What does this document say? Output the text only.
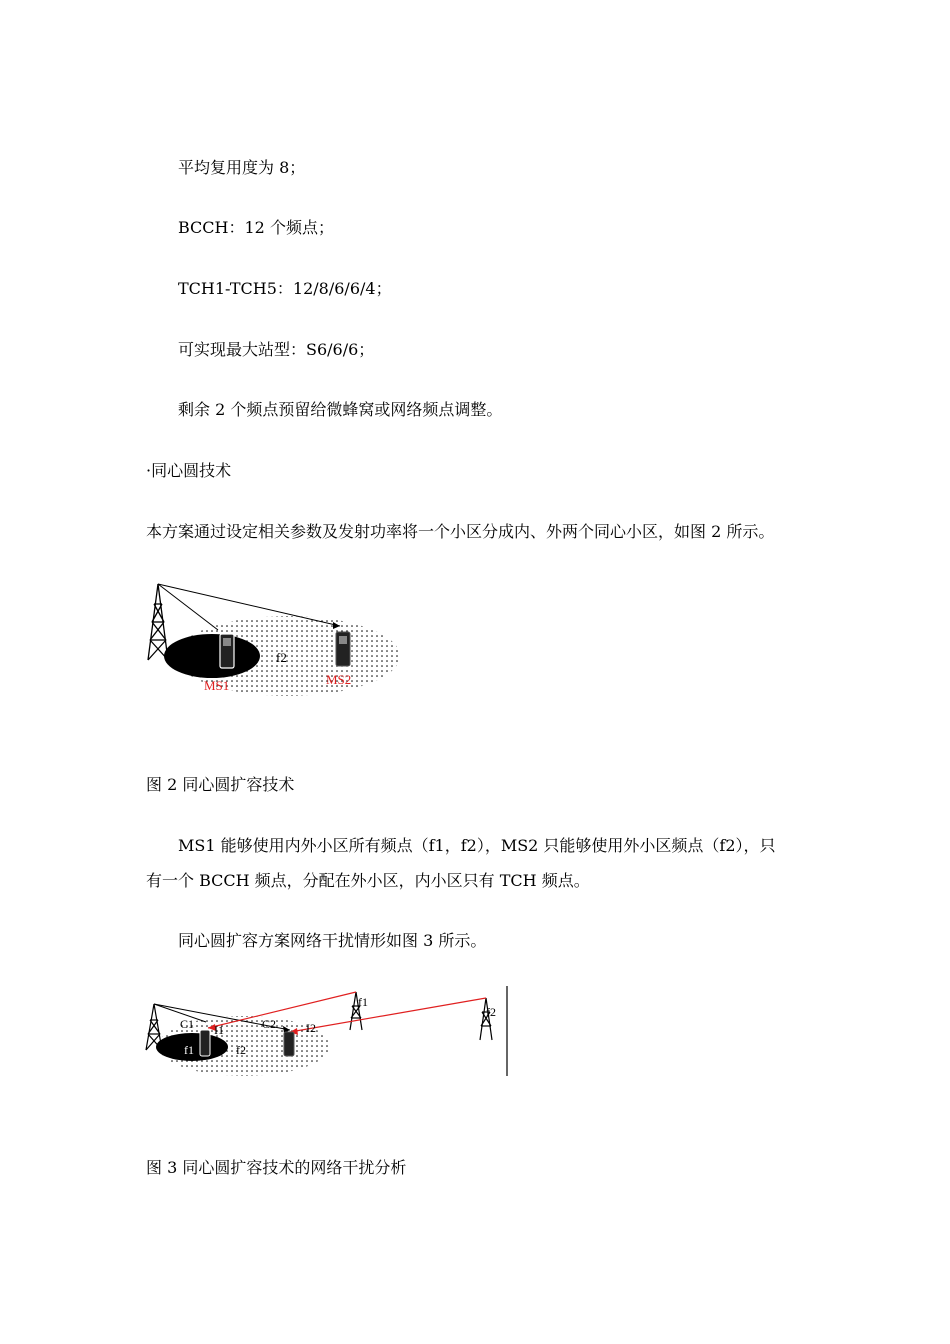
平均复用度为 8；
BCCH：12 个频点；
TCH1-TCH5：12/8/6/6/4；
可实现最大站型：S6/6/6；
剩余 2 个频点预留给微蜂窝或网络频点调整。
·同心圆技术
本方案通过设定相关参数及发射功率将一个小区分成内、外两个同心小区，如图 2 所示。
f1	f2
MS1	MS2
图 2 同心圆扩容技术
MS1 能够使用内外小区所有频点（f1，f2），MS2 只能够使用外小区频点（f2），只
有一个 BCCH 频点，分配在外小区，内小区只有 TCH 频点。
同心圆扩容方案网络干扰情形如图 3 所示。
C1 I1	C2 I2
f1	f2
f1
f2
图 3 同心圆扩容技术的网络干扰分析
